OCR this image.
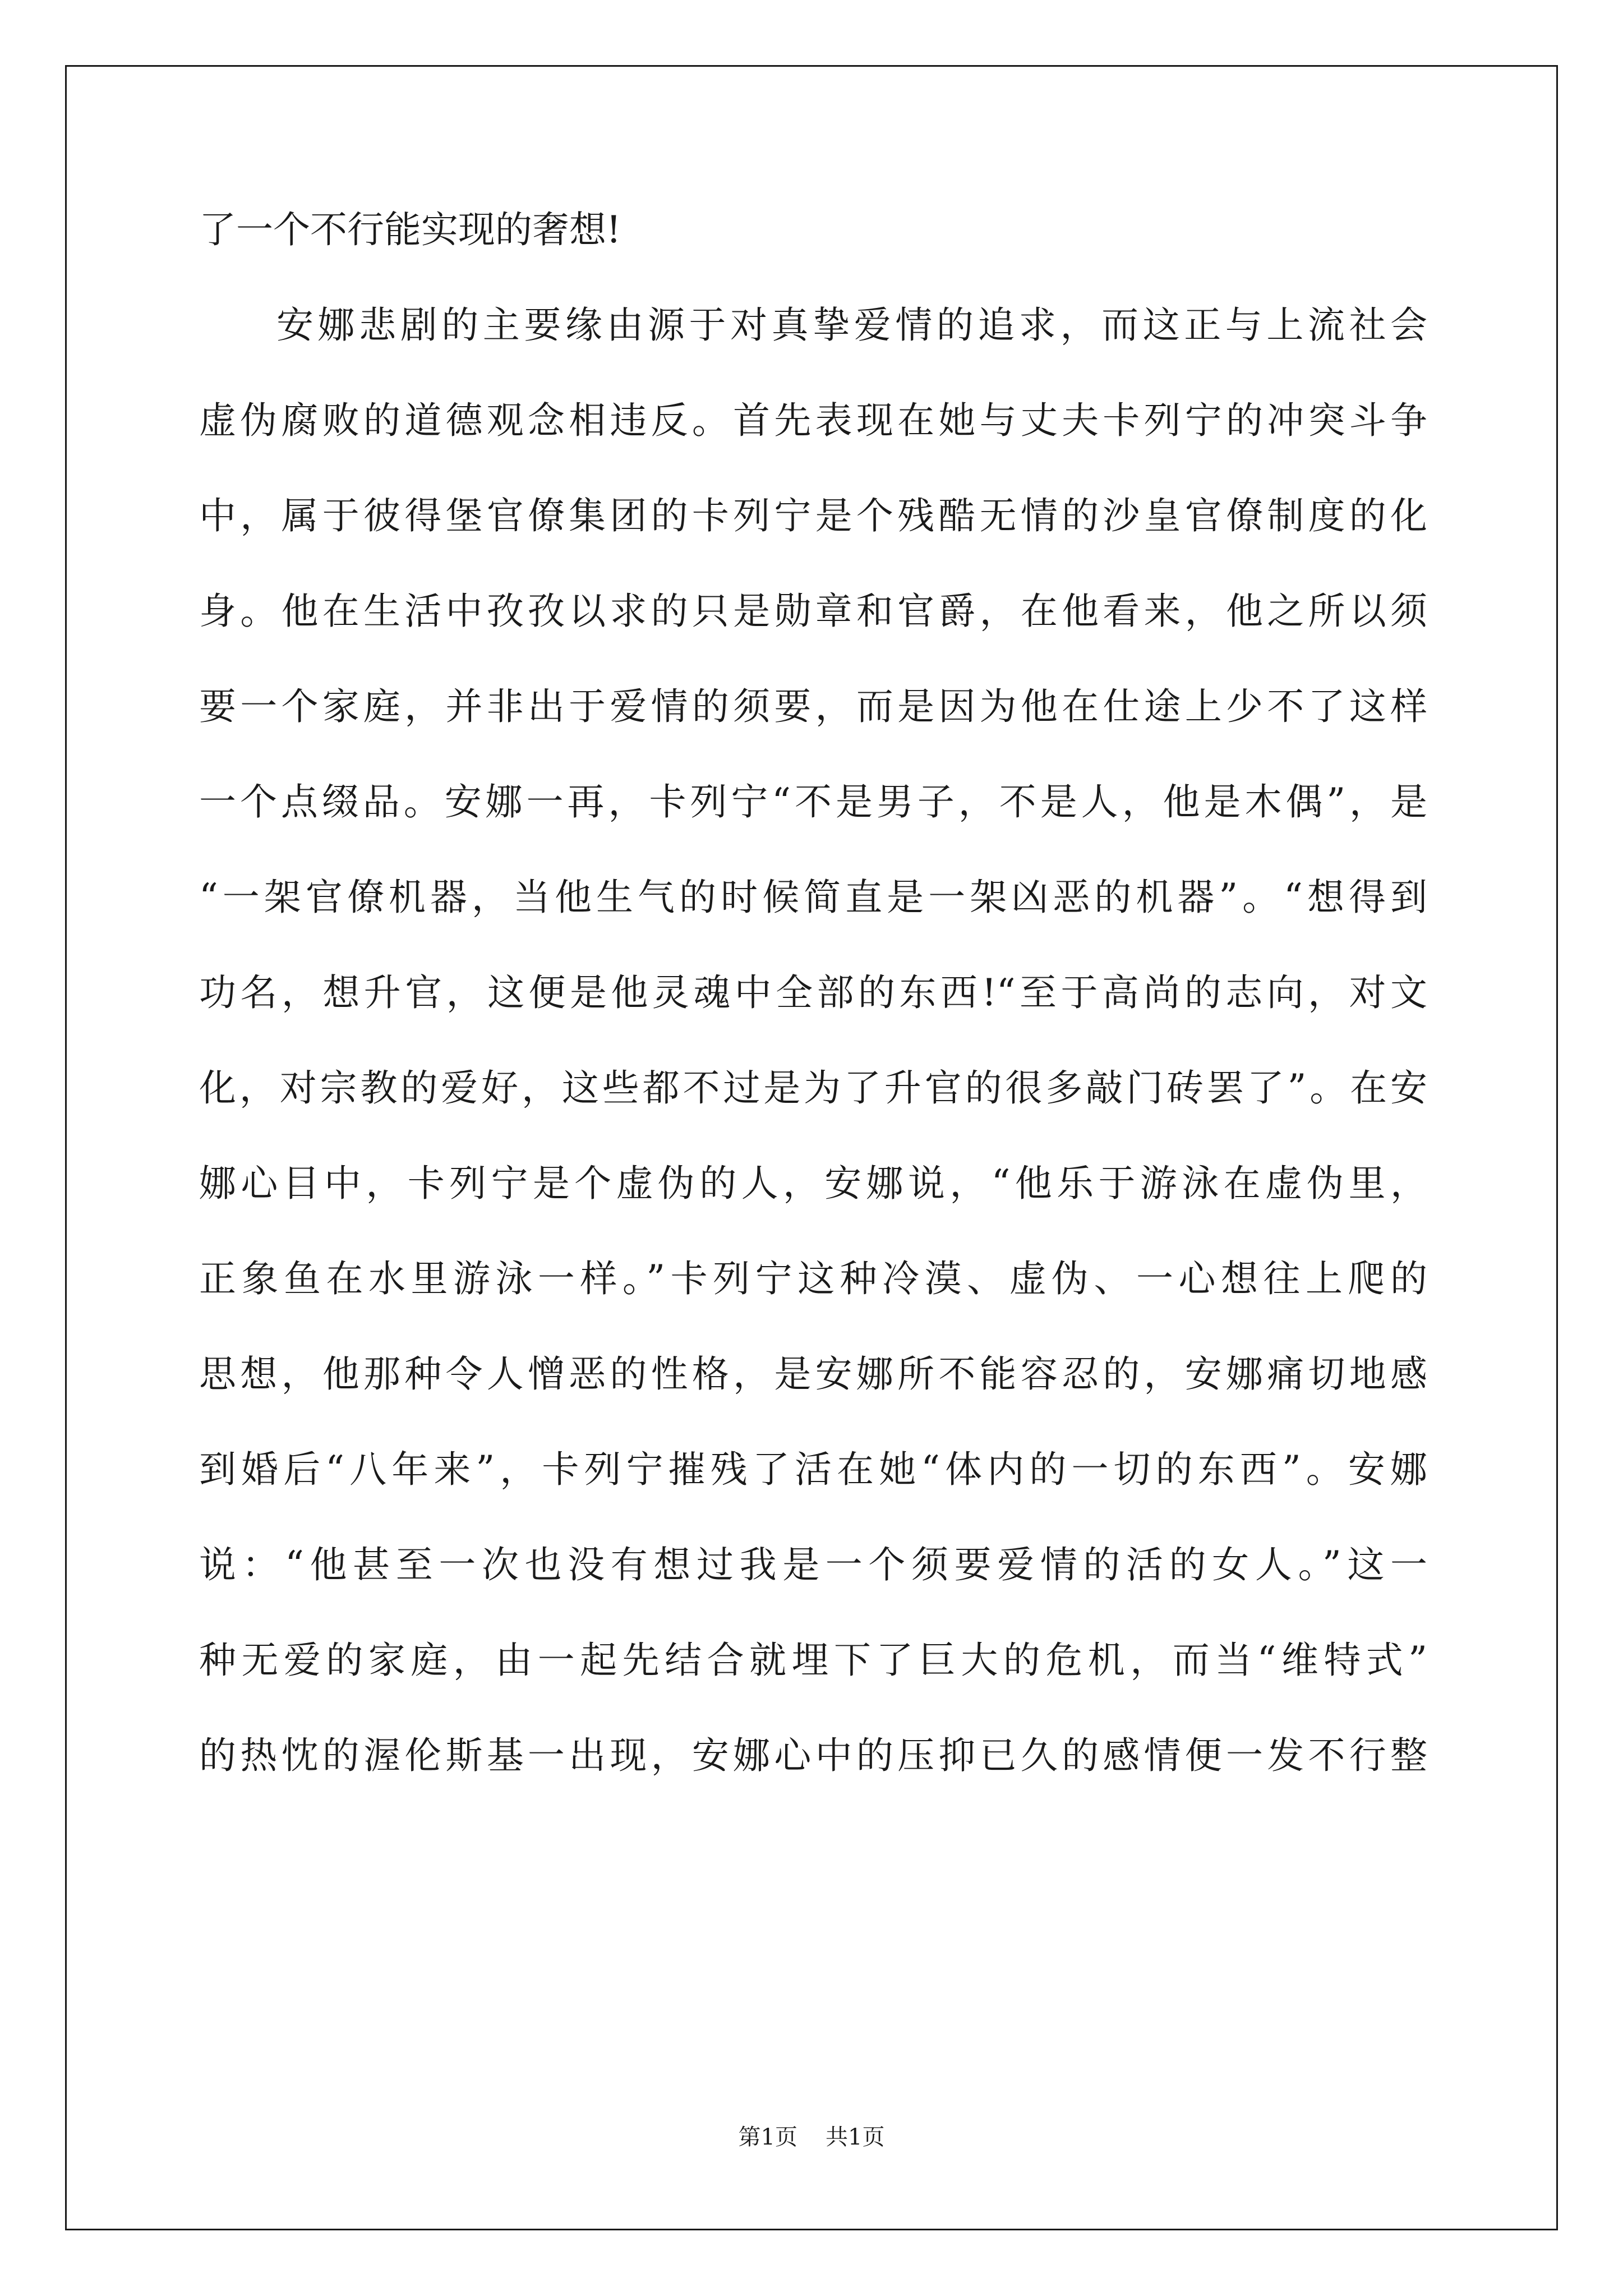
了一个不行能实现的奢想!
安娜悲剧的主要缘由源于对真挚爱情的追求，而这正与上流社会
虚伪腐败的道德观念相违反。首先表现在她与丈夫卡列宁的冲突斗争
中，属于彼得堡官僚集团的卡列宁是个残酷无情的沙皇官僚制度的化
身。他在生活中孜孜以求的只是勋章和官爵，在他看来，他之所以须
要一个家庭，并非出于爱情的须要，而是因为他在仕途上少不了这样
一个点缀品。安娜一再，卡列宁“不是男子，不是人，他是木偶”，是
“一架官僚机器，当他生气的时候简直是一架凶恶的机器”。“想得到
功名，想升官，这便是他灵魂中全部的东西!“至于高尚的志向，对文
化，对宗教的爱好，这些都不过是为了升官的很多敲门砖罢了”。在安
娜心目中，卡列宁是个虚伪的人，安娜说，“他乐于游泳在虚伪里，
正象鱼在水里游泳一样。”卡列宁这种冷漠、虚伪、一心想往上爬的
思想，他那种令人憎恶的性格，是安娜所不能容忍的，安娜痛切地感
到婚后“八年来”，卡列宁摧残了活在她“体内的一切的东西”。安娜
说：“他甚至一次也没有想过我是一个须要爱情的活的女人。”这一
种无爱的家庭，由一起先结合就埋下了巨大的危机，而当“维特式”
的热忱的渥伦斯基一出现，安娜心中的压抑已久的感情便一发不行整
第1页 共1页
